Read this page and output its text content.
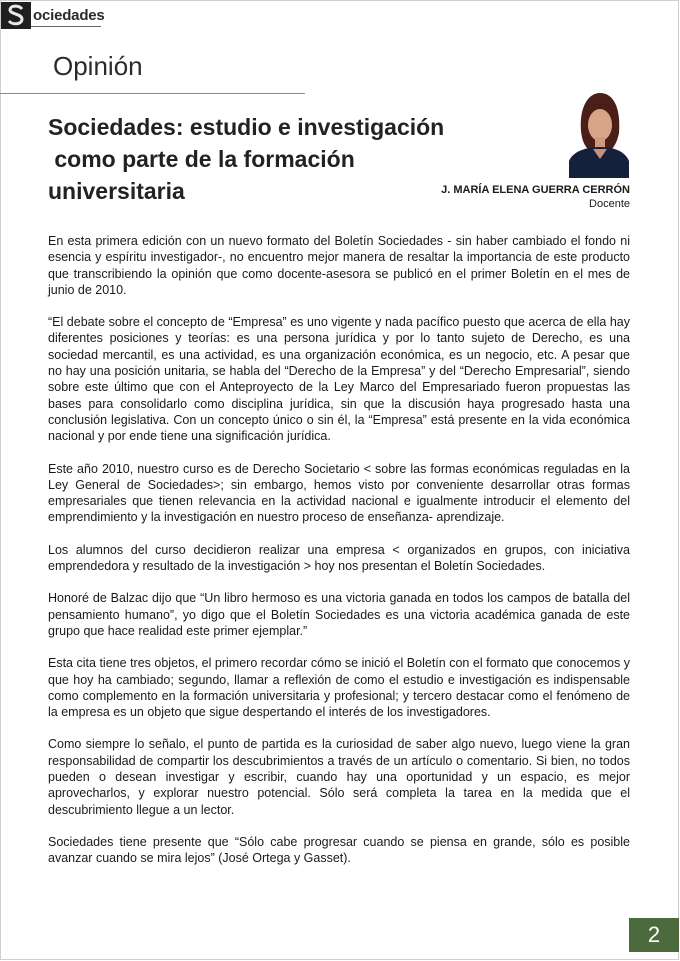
ociedades
Opinión
Sociedades: estudio e investigación
como parte de la formación
universitaria	J. MARÍA ELENA GUERRA CERRÓN
Docente

En esta primera edición con un nuevo formato del Boletín Sociedades - sin haber cambiado el fondo ni esencia y espíritu investigador-, no encuentro mejor manera de resaltar la importancia de este producto que transcribiendo la opinión que como docente-asesora se publicó en el primer Boletín en el mes de junio de 2010.

“El debate sobre el concepto de “Empresa” es uno vigente y nada pacífico puesto que acerca de ella hay diferentes posiciones y teorías: es una persona jurídica y por lo tanto sujeto de Derecho, es una sociedad mercantil, es una actividad, es una organización económica, es un negocio, etc. A pesar que no hay una posición unitaria, se habla del “Derecho de la Empresa” y del “Derecho Empresarial”, siendo sobre este último que con el Anteproyecto de la Ley Marco del Empresariado fueron propuestas las bases para consolidarlo como disciplina jurídica, sin que la discusión haya progresado hasta una conclusión legislativa. Con un concepto único o sin él, la “Empresa” está presente en la vida económica nacional y por ende tiene una significación jurídica.

Este año 2010, nuestro curso es de Derecho Societario < sobre las formas económicas reguladas en la Ley General de Sociedades>; sin embargo, hemos visto por conveniente desarrollar otras formas empresariales que tienen relevancia en la actividad nacional e igualmente introducir el elemento del emprendimiento y la investigación en nuestro proceso de enseñanza- aprendizaje.

Los alumnos del curso decidieron realizar una empresa < organizados en grupos, con iniciativa emprendedora y resultado de la investigación > hoy nos presentan el Boletín Sociedades.

Honoré de Balzac dijo que “Un libro hermoso es una victoria ganada en todos los campos de batalla del pensamiento humano”, yo digo que el Boletín Sociedades es una victoria académica ganada de este grupo que hace realidad este primer ejemplar.”

Esta cita tiene tres objetos, el primero recordar cómo se inició el Boletín con el formato que conocemos y que hoy ha cambiado; segundo, llamar a reflexión de como el estudio e investigación es indispensable como complemento en la formación universitaria y profesional; y tercero destacar como el fenómeno de la empresa es un objeto que sigue despertando el interés de los investigadores.

Como siempre lo señalo, el punto de partida es la curiosidad de saber algo nuevo, luego viene la gran responsabilidad de compartir los descubrimientos a través de un artículo o comentario. Si bien, no todos pueden o desean investigar y escribir, cuando hay una oportunidad y un espacio, es mejor aprovecharlos, y explorar nuestro potencial. Sólo será completa la tarea en la medida que el descubrimiento llegue a un lector.

Sociedades tiene presente que “Sólo cabe progresar cuando se piensa en grande, sólo es posible avanzar cuando se mira lejos” (José Ortega y Gasset).

2
